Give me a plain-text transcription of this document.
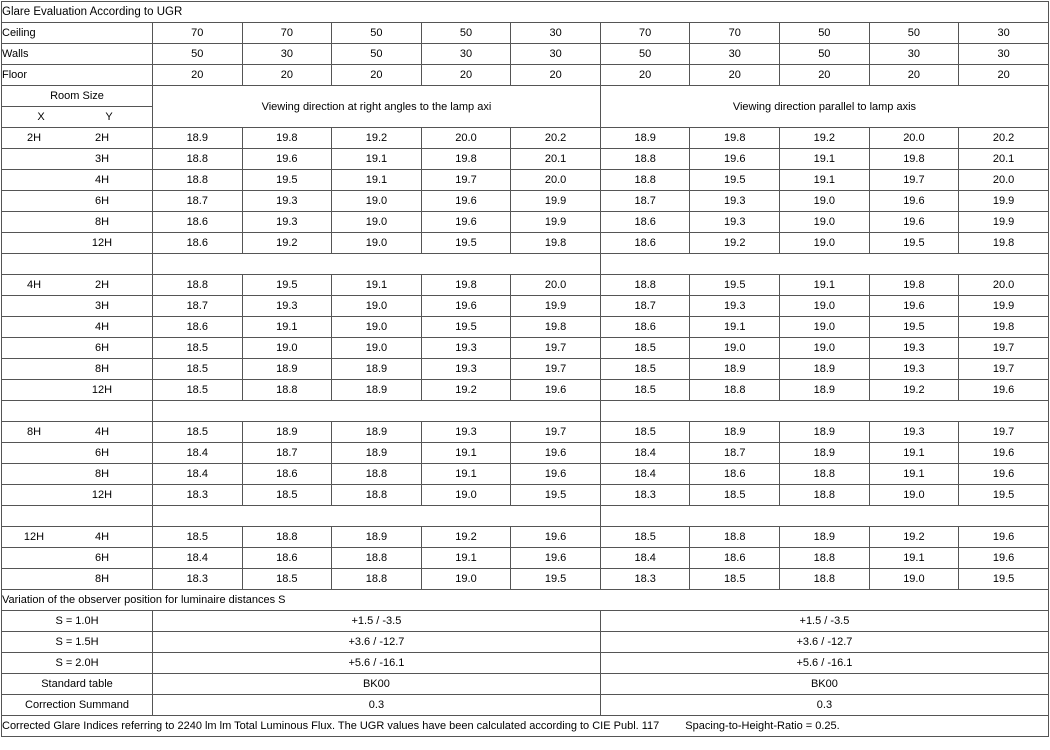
Glare Evaluation According to UGR										
Ceiling	70	70	50	50	30	70	70	50	50	30
Walls	50	30	50	30	30	50	30	50	30	30
Floor	20	20	20	20	20	20	20	20	20	20
Room Size	Viewing direction at right angles to the lamp axi					Viewing direction parallel to lamp axis				
X Y										
2H 2H	18.9	19.8	19.2	20.0	20.2	18.9	19.8	19.2	20.0	20.2
3H	18.8	19.6	19.1	19.8	20.1	18.8	19.6	19.1	19.8	20.1
4H	18.8	19.5	19.1	19.7	20.0	18.8	19.5	19.1	19.7	20.0
6H	18.7	19.3	19.0	19.6	19.9	18.7	19.3	19.0	19.6	19.9
8H	18.6	19.3	19.0	19.6	19.9	18.6	19.3	19.0	19.6	19.9
12H	18.6	19.2	19.0	19.5	19.8	18.6	19.2	19.0	19.5	19.8

4H 2H	18.8	19.5	19.1	19.8	20.0	18.8	19.5	19.1	19.8	20.0
3H	18.7	19.3	19.0	19.6	19.9	18.7	19.3	19.0	19.6	19.9
4H	18.6	19.1	19.0	19.5	19.8	18.6	19.1	19.0	19.5	19.8
6H	18.5	19.0	19.0	19.3	19.7	18.5	19.0	19.0	19.3	19.7
8H	18.5	18.9	18.9	19.3	19.7	18.5	18.9	18.9	19.3	19.7
12H	18.5	18.8	18.9	19.2	19.6	18.5	18.8	18.9	19.2	19.6

8H 4H	18.5	18.9	18.9	19.3	19.7	18.5	18.9	18.9	19.3	19.7
6H	18.4	18.7	18.9	19.1	19.6	18.4	18.7	18.9	19.1	19.6
8H	18.4	18.6	18.8	19.1	19.6	18.4	18.6	18.8	19.1	19.6
12H	18.3	18.5	18.8	19.0	19.5	18.3	18.5	18.8	19.0	19.5

12H 4H	18.5	18.8	18.9	19.2	19.6	18.5	18.8	18.9	19.2	19.6
6H	18.4	18.6	18.8	19.1	19.6	18.4	18.6	18.8	19.1	19.6
8H	18.3	18.5	18.8	19.0	19.5	18.3	18.5	18.8	19.0	19.5
Variation of the observer position for luminaire distances S										
S = 1.0H	+1.5 / -3.5					+1.5 / -3.5				
S = 1.5H	+3.6 / -12.7					+3.6 / -12.7				
S = 2.0H	+5.6 / -16.1					+5.6 / -16.1				
Standard table	BK00					BK00				
Correction Summand	0.3					0.3				
Corrected Glare Indices referring to 2240 lm lm Total Luminous Flux. The UGR values have been calculated according to CIE Publ. 117 Spacing-to-Height-Ratio = 0.25.										
